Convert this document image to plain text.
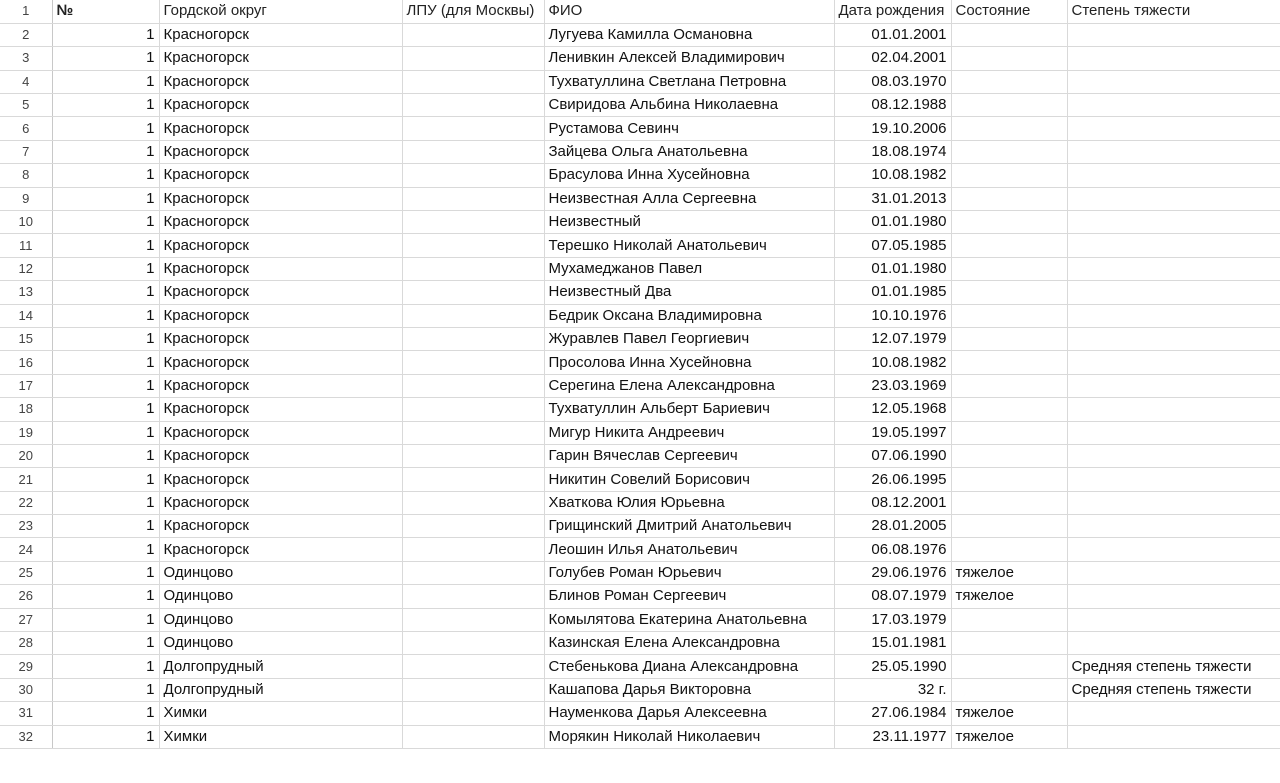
1	№	Гордской округ	ЛПУ (для Москвы)	ФИО	Дата рождения	Состояние	Степень тяжести
2	1	Красногорск		Лугуева Камилла Османовна	01.01.2001		
3	1	Красногорск		Ленивкин Алексей Владимирович	02.04.2001		
4	1	Красногорск		Тухватуллина Светлана Петровна	08.03.1970		
5	1	Красногорск		Свиридова Альбина Николаевна	08.12.1988		
6	1	Красногорск		Рустамова Севинч	19.10.2006		
7	1	Красногорск		Зайцева Ольга Анатольевна	18.08.1974		
8	1	Красногорск		Брасулова Инна Хусейновна	10.08.1982		
9	1	Красногорск		Неизвестная Алла Сергеевна	31.01.2013		
10	1	Красногорск		Неизвестный	01.01.1980		
11	1	Красногорск		Терешко Николай Анатольевич	07.05.1985		
12	1	Красногорск		Мухамеджанов Павел	01.01.1980		
13	1	Красногорск		Неизвестный Два	01.01.1985		
14	1	Красногорск		Бедрик Оксана Владимировна	10.10.1976		
15	1	Красногорск		Журавлев Павел Георгиевич	12.07.1979		
16	1	Красногорск		Просолова Инна Хусейновна	10.08.1982		
17	1	Красногорск		Серегина Елена Александровна	23.03.1969		
18	1	Красногорск		Тухватуллин Альберт Бариевич	12.05.1968		
19	1	Красногорск		Мигур Никита Андреевич	19.05.1997		
20	1	Красногорск		Гарин Вячеслав Сергеевич	07.06.1990		
21	1	Красногорск		Никитин Совелий Борисович	26.06.1995		
22	1	Красногорск		Хваткова Юлия Юрьевна	08.12.2001		
23	1	Красногорск		Грищинский Дмитрий Анатольевич	28.01.2005		
24	1	Красногорск		Леошин Илья Анатольевич	06.08.1976		
25	1	Одинцово		Голубев Роман Юрьевич	29.06.1976	тяжелое	
26	1	Одинцово		Блинов Роман Сергеевич	08.07.1979	тяжелое	
27	1	Одинцово		Комылятова Екатерина Анатольевна	17.03.1979		
28	1	Одинцово		Казинская Елена Александровна	15.01.1981		
29	1	Долгопрудный		Стебенькова Диана Александровна	25.05.1990		Средняя степень тяжести
30	1	Долгопрудный		Кашапова Дарья Викторовна	32 г.		Средняя степень тяжести
31	1	Химки		Науменкова Дарья Алексеевна	27.06.1984	тяжелое	
32	1	Химки		Морякин Николай Николаевич	23.11.1977	тяжелое	
